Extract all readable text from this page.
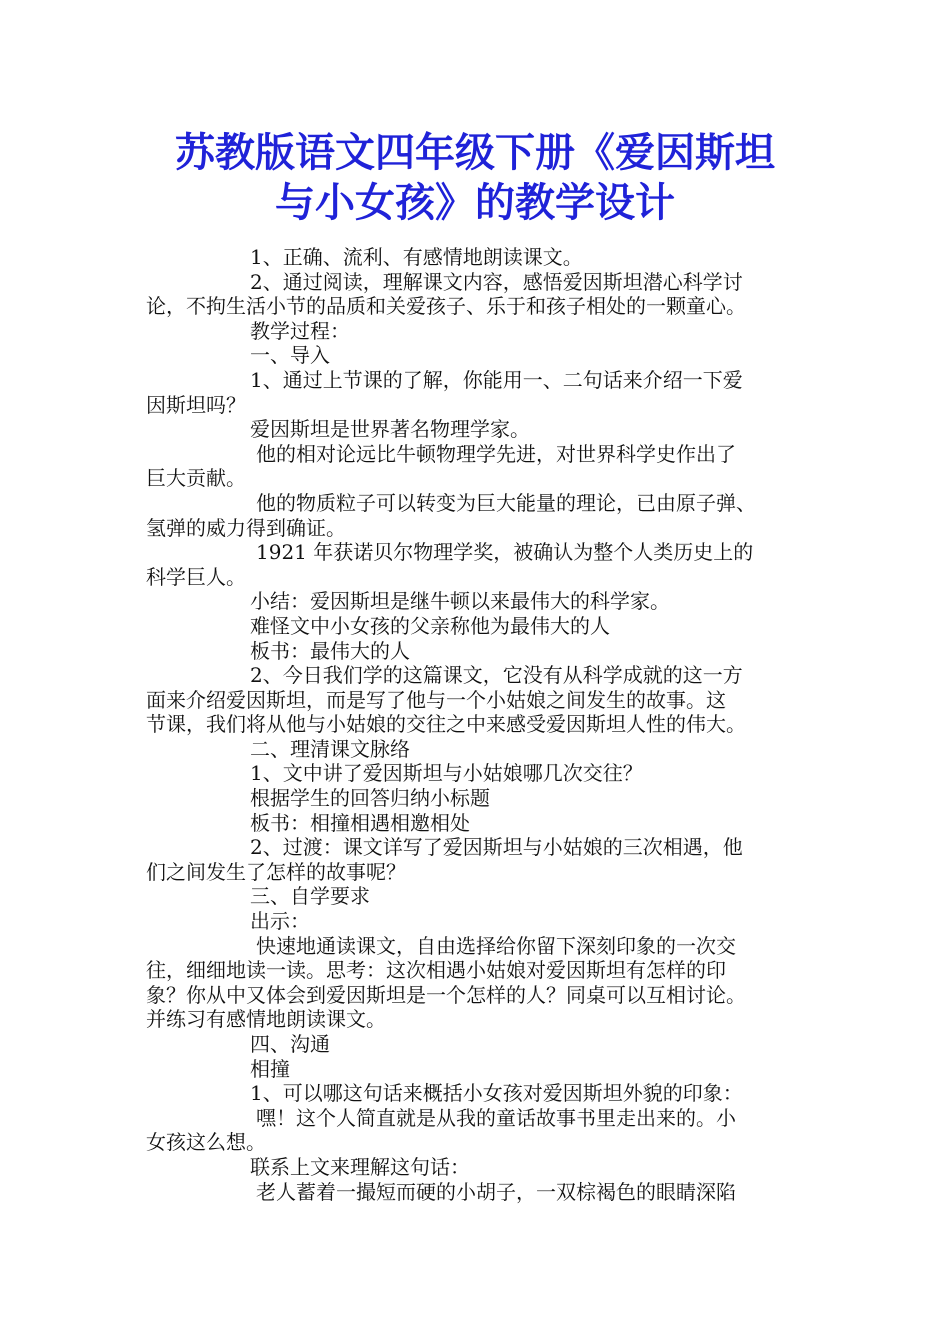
苏教版语文四年级下册《爱因斯坦
与小女孩》的教学设计

1、正确、流利、有感情地朗读课文。

2、通过阅读，理解课文内容，感悟爱因斯坦潜心科学讨

论，不拘生活小节的品质和关爱孩子、乐于和孩子相处的一颗童心。

教学过程：

一、导入

1、通过上节课的了解，你能用一、二句话来介绍一下爱

因斯坦吗？

爱因斯坦是世界著名物理学家。

他的相对论远比牛顿物理学先进，对世界科学史作出了

巨大贡献。

他的物质粒子可以转变为巨大能量的理论，已由原子弹、

氢弹的威力得到确证。

1921 年获诺贝尔物理学奖，被确认为整个人类历史上的

科学巨人。

小结：爱因斯坦是继牛顿以来最伟大的科学家。

难怪文中小女孩的父亲称他为最伟大的人

板书：最伟大的人

2、今日我们学的这篇课文，它没有从科学成就的这一方

面来介绍爱因斯坦，而是写了他与一个小姑娘之间发生的故事。这

节课，我们将从他与小姑娘的交往之中来感受爱因斯坦人性的伟大。

二、理清课文脉络

1、文中讲了爱因斯坦与小姑娘哪几次交往？

根据学生的回答归纳小标题

板书：相撞相遇相邀相处

2、过渡：课文详写了爱因斯坦与小姑娘的三次相遇，他

们之间发生了怎样的故事呢？

三、自学要求

出示：

快速地通读课文，自由选择给你留下深刻印象的一次交

往，细细地读一读。思考：这次相遇小姑娘对爱因斯坦有怎样的印

象？你从中又体会到爱因斯坦是一个怎样的人？同桌可以互相讨论。

并练习有感情地朗读课文。

四、沟通

相撞

1、可以哪这句话来概括小女孩对爱因斯坦外貌的印象：

嘿！这个人简直就是从我的童话故事书里走出来的。小

女孩这么想。

联系上文来理解这句话：

老人蓄着一撮短而硬的小胡子，一双棕褐色的眼睛深陷
